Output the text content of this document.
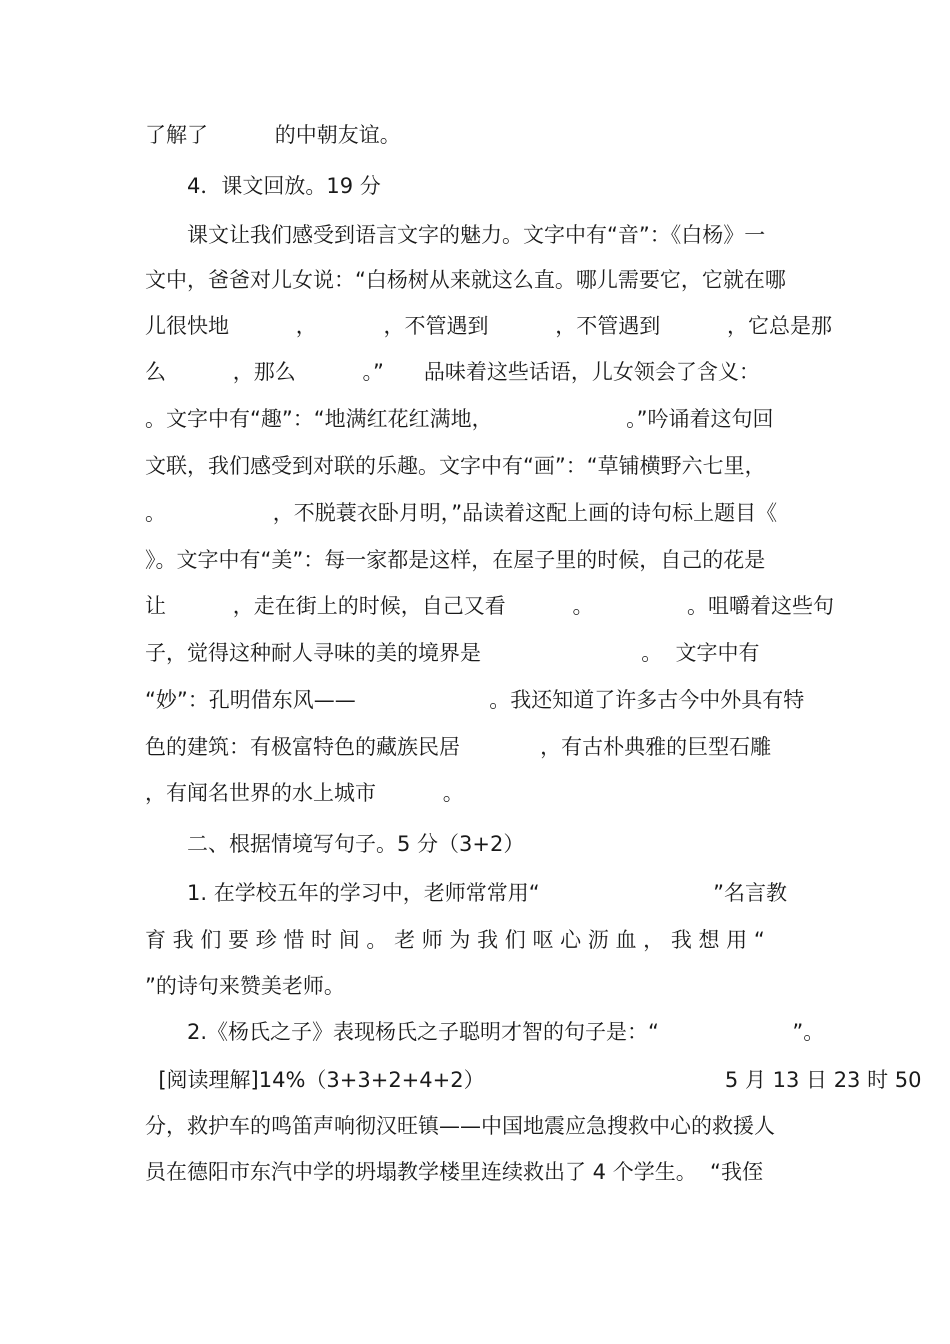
了解了          的中朝友谊。
　　4．课文回放。19 分
　　课文让我们感受到语言文字的魅力。文字中有“音”：《白杨》一
文中，爸爸对儿女说：“白杨树从来就这么直。哪儿需要它，它就在哪
儿很快地          ，          ，不管遇到          ，不管遇到          ，它总是那
么          ，那么          。”      品味着这些话语，儿女领会了含义：
。文字中有“趣”：“地满红花红满地，                    。”吟诵着这句回
文联，我们感受到对联的乐趣。文字中有“画”：“草铺横野六七里，
。                ，不脱蓑衣卧月明，”品读着这配上画的诗句标上题目《
》。文字中有“美”：每一家都是这样，在屋子里的时候，自己的花是
让          ，走在街上的时候，自己又看          。              。咀嚼着这些句
子，觉得这种耐人寻味的美的境界是                        。  文字中有
“妙”：孔明借东风——                    。我还知道了许多古今中外具有特
色的建筑：有极富特色的藏族民居            ，有古朴典雅的巨型石雕
，有闻名世界的水上城市          。
　　二、根据情境写句子。5 分（3+2）
　　1. 在学校五年的学习中，老师常常用“                          ”名言教
育 我 们 要 珍 惜 时 间 。 老 师 为 我 们 呕 心 沥 血 ， 我 想 用 “
”的诗句来赞美老师。
　　2.《杨氏之子》表现杨氏之子聪明才智的句子是：“                    ”。
[阅读理解]14%（3+3+2+4+2）                                    5 月 13 日 23 时 50
分，救护车的鸣笛声响彻汉旺镇——中国地震应急搜救中心的救援人
员在德阳市东汽中学的坍塌教学楼里连续救出了 4 个学生。  “我侄
